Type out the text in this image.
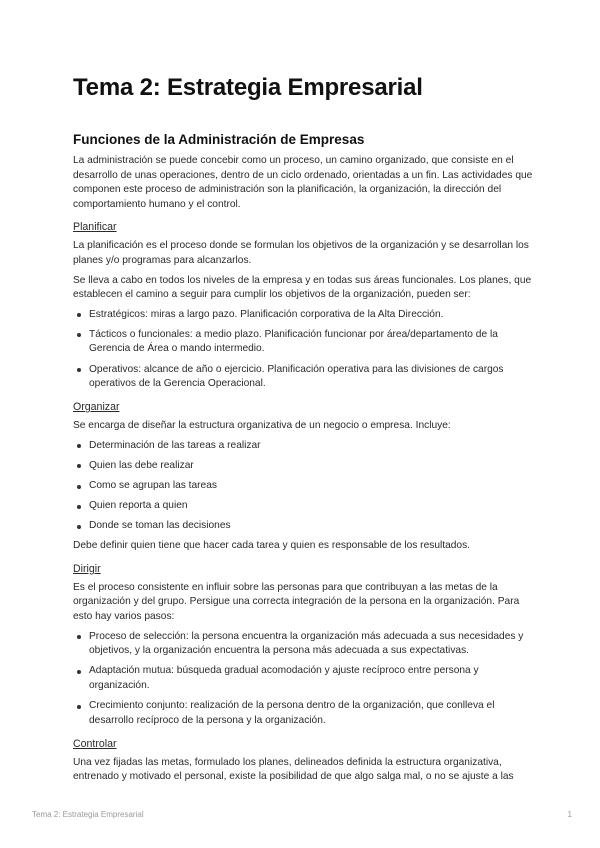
Tema 2: Estrategia Empresarial
Funciones de la Administración de Empresas

La administración se puede concebir como un proceso, un camino organizado, que consiste en el desarrollo de unas operaciones, dentro de un ciclo ordenado, orientadas a un fin. Las actividades que componen este proceso de administración son la planificación, la organización, la dirección del comportamiento humano y el control.

Planificar

La planificación es el proceso donde se formulan los objetivos de la organización y se desarrollan los planes y/o programas para alcanzarlos.

Se lleva a cabo en todos los niveles de la empresa y en todas sus áreas funcionales. Los planes, que establecen el camino a seguir para cumplir los objetivos de la organización, pueden ser:

Estratégicos: miras a largo pazo. Planificación corporativa de la Alta Dirección.
Tácticos o funcionales: a medio plazo. Planificación funcionar por área/departamento de la Gerencia de Área o mando intermedio.
Operativos: alcance de año o ejercicio. Planificación operativa para las divisiones de cargos operativos de la Gerencia Operacional.
Organizar

Se encarga de diseñar la estructura organizativa de un negocio o empresa. Incluye:

Determinación de las tareas a realizar
Quien las debe realizar
Como se agrupan las tareas
Quien reporta a quien
Donde se toman las decisiones

Debe definir quien tiene que hacer cada tarea y quien es responsable de los resultados.

Dirigir

Es el proceso consistente en influir sobre las personas para que contribuyan a las metas de la organización y del grupo. Persigue una correcta integración de la persona en la organización. Para esto hay varios pasos:

Proceso de selección: la persona encuentra la organización más adecuada a sus necesidades y objetivos, y la organización encuentra la persona más adecuada a sus expectativas.
Adaptación mutua: búsqueda gradual acomodación y ajuste recíproco entre persona y organización.
Crecimiento conjunto: realización de la persona dentro de la organización, que conlleva el desarrollo recíproco de la persona y la organización.
Controlar

Una vez fijadas las metas, formulado los planes, delineados definida la estructura organizativa, entrenado y motivado el personal, existe la posibilidad de que algo salga mal, o no se ajuste a las

Tema 2: Estrategia Empresarial	1
